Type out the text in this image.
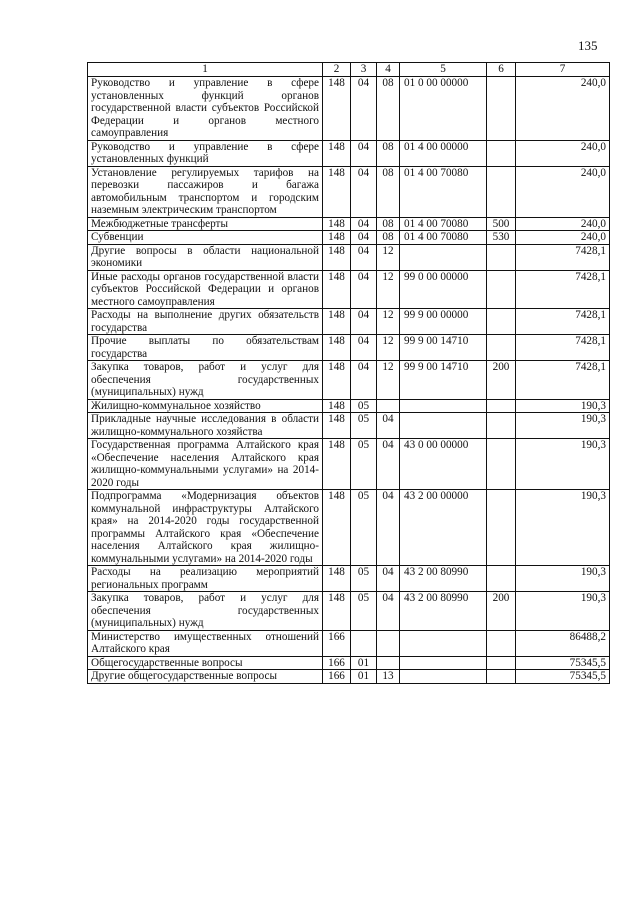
135
1	2	3	4	5	6	7
Руководство и управление в сфере установленных функций органов государственной власти субъектов Российской Федерации и органов местного самоуправления	148	04	08	01 0 00 00000		240,0
Руководство и управление в сфере установленных функций	148	04	08	01 4 00 00000		240,0
Установление регулируемых тарифов на перевозки пассажиров и багажа автомобильным транспортом и городским наземным электрическим транспортом	148	04	08	01 4 00 70080		240,0
Межбюджетные трансферты	148	04	08	01 4 00 70080	500	240,0
Субвенции	148	04	08	01 4 00 70080	530	240,0
Другие вопросы в области национальной экономики	148	04	12			7428,1
Иные расходы органов государственной власти субъектов Российской Федерации и органов местного самоуправления	148	04	12	99 0 00 00000		7428,1
Расходы на выполнение других обязательств государства	148	04	12	99 9 00 00000		7428,1
Прочие выплаты по обязательствам государства	148	04	12	99 9 00 14710		7428,1
Закупка товаров, работ и услуг для обеспечения государственных (муниципальных) нужд	148	04	12	99 9 00 14710	200	7428,1
Жилищно-коммунальное хозяйство	148	05				190,3
Прикладные научные исследования в области жилищно-коммунального хозяйства	148	05	04			190,3
Государственная программа Алтайского края «Обеспечение населения Алтайского края жилищно-коммунальными услугами» на 2014-2020 годы	148	05	04	43 0 00 00000		190,3
Подпрограмма «Модернизация объектов коммунальной инфраструктуры Алтайского края» на 2014-2020 годы государственной программы Алтайского края «Обеспечение населения Алтайского края жилищно-коммунальными услугами» на 2014-2020 годы	148	05	04	43 2 00 00000		190,3
Расходы на реализацию мероприятий региональных программ	148	05	04	43 2 00 80990		190,3
Закупка товаров, работ и услуг для обеспечения государственных (муниципальных) нужд	148	05	04	43 2 00 80990	200	190,3
Министерство имущественных отношений Алтайского края	166					86488,2
Общегосударственные вопросы	166	01				75345,5
Другие общегосударственные вопросы	166	01	13			75345,5
